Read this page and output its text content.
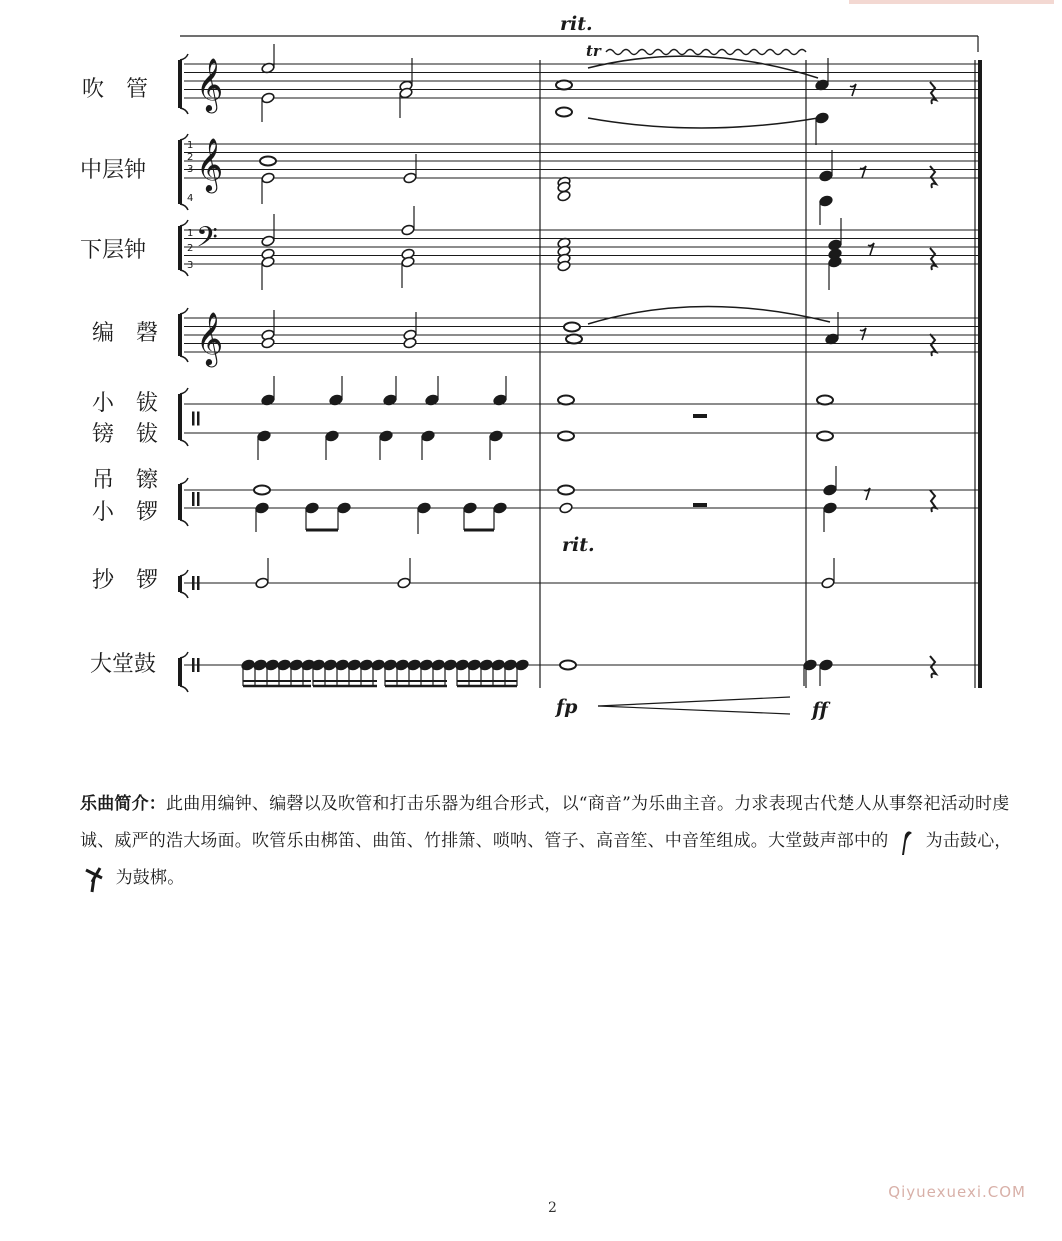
rit.
𝄞
𝄞
𝄢
𝄞
吹　管
中层钟
下层钟
编　磬
小　钹
镑　钹
吊　镲
小　锣
抄　锣
大堂鼓
1
2
3
4
1
2
3
tr
rit.
fp	ff
乐曲简介：此曲用编钟、编磬以及吹管和打击乐器为组合形式，以“商音”为乐曲主音。力求表现古代楚人从事祭祀活动时虔诚、威严的浩大场面。吹管乐由梆笛、曲笛、竹排箫、唢呐、管子、高音笙、中音笙组成。大堂鼓声部中的 为击鼓心，  为鼓梆。
2
Qiyuexuexi.COM
